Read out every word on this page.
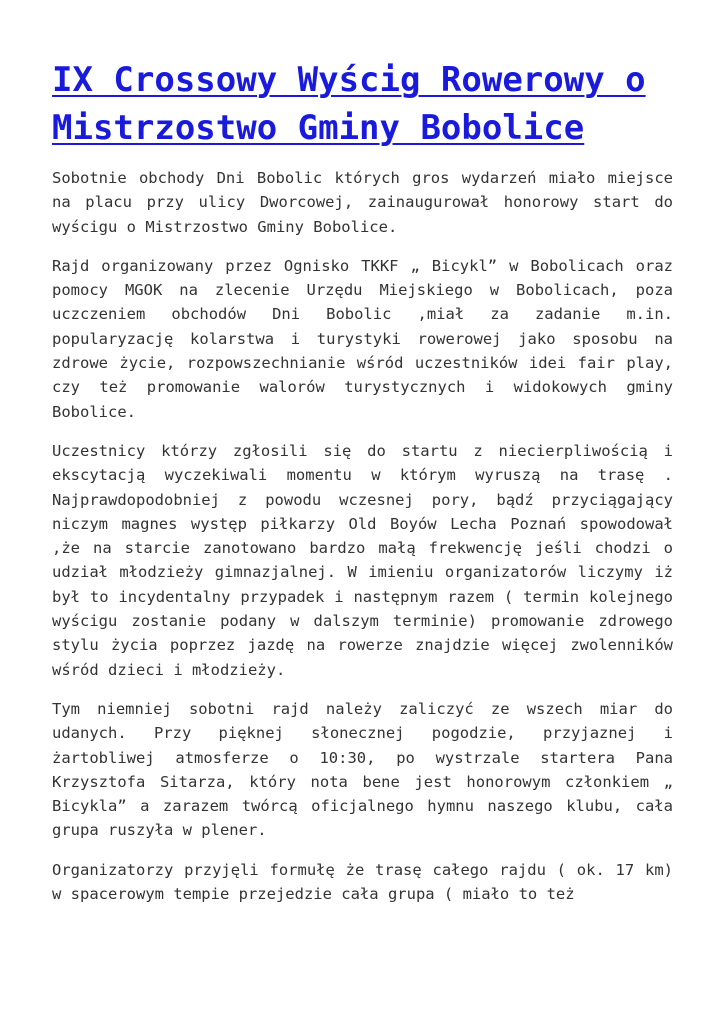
IX Crossowy Wyścig Rowerowy o Mistrzostwo Gminy Bobolice

Sobotnie obchody Dni Bobolic których gros wydarzeń miało miejsce na placu przy ulicy Dworcowej, zainaugurował honorowy start do wyścigu o Mistrzostwo Gminy Bobolice.

Rajd organizowany przez Ognisko TKKF „ Bicykl” w Bobolicach oraz pomocy MGOK na zlecenie Urzędu Miejskiego w Bobolicach, poza uczczeniem obchodów Dni Bobolic ,miał za zadanie m.in. popularyzację kolarstwa i turystyki rowerowej jako sposobu na zdrowe życie, rozpowszechnianie wśród uczestników idei fair play, czy też promowanie walorów turystycznych i widokowych gminy Bobolice.

Uczestnicy którzy zgłosili się do startu z niecierpliwością i ekscytacją wyczekiwali momentu w którym wyruszą na trasę . Najprawdopodobniej z powodu wczesnej pory, bądź przyciągający niczym magnes występ piłkarzy Old Boyów Lecha Poznań spowodował ,że na starcie zanotowano bardzo małą frekwencję jeśli chodzi o udział młodzieży gimnazjalnej. W imieniu organizatorów liczymy iż był to incydentalny przypadek i następnym razem ( termin kolejnego wyścigu zostanie podany w dalszym terminie) promowanie zdrowego stylu życia poprzez jazdę na rowerze znajdzie więcej zwolenników wśród dzieci i młodzieży.

Tym niemniej sobotni rajd należy zaliczyć ze wszech miar do udanych. Przy pięknej słonecznej pogodzie, przyjaznej i żartobliwej atmosferze o 10:30, po wystrzale startera Pana Krzysztofa Sitarza, który nota bene jest honorowym członkiem „ Bicykla” a zarazem twórcą oficjalnego hymnu naszego klubu, cała grupa ruszyła w plener.

Organizatorzy przyjęli formułę że trasę całego rajdu ( ok. 17 km) w spacerowym tempie przejedzie cała grupa ( miało to też
